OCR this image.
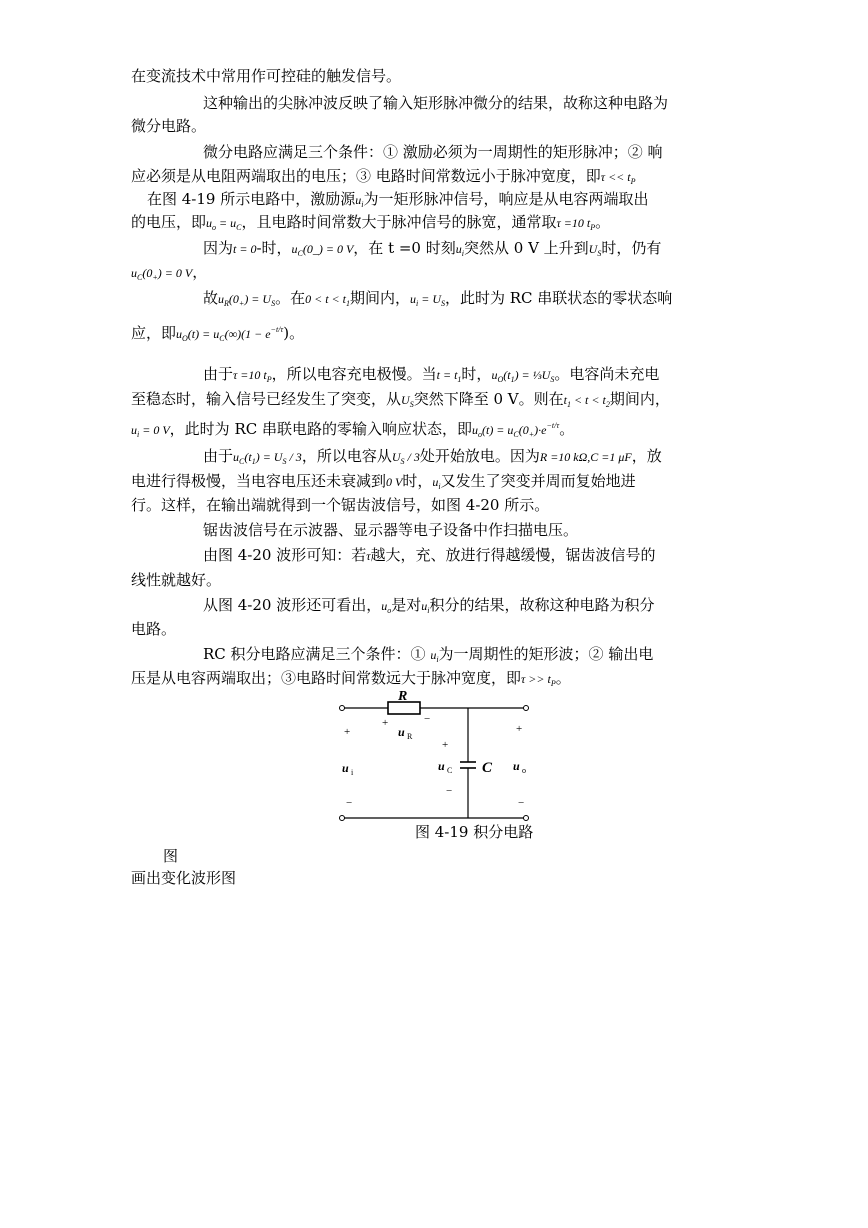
在变流技术中常用作可控硅的触发信号。
这种输出的尖脉冲波反映了输入矩形脉冲微分的结果，故称这种电路为
微分电路。
微分电路应满足三个条件：① 激励必须为一周期性的矩形脉冲；② 响
应必须是从电阻两端取出的电压；③ 电路时间常数远小于脉冲宽度，即$\tau << t_P$
在图 4-19 所示电路中，激励源$u_i$为一矩形脉冲信号，响应是从电容两端取出
的电压，即$u_o = u_C$，且电路时间常数大于脉冲信号的脉宽，通常取τ =10 $t_P$。
因为t = 0-时，$u_C(0\_) = 0$ V，在 t =0 时刻$u_i$突然从 0 V 上升到$U_S$时，仍有
$u_C(0_+) = 0$ V，
故$u_R(0_+) = U_S$。在$0 < t < t_1$期间内，$u_i = U_S$，此时为 RC 串联状态的零状态响
应，即$u_O(t) = u_C(\infty)(1 - e^{-t/\tau})$。
由于τ =10 $t_P$，所以电容充电极慢。当$t = t_1$时，$u_O(t_1)$ = $\frac{1}{3}U_S$。电容尚未充电
至稳态时，输入信号已经发生了突变，从$U_S$突然下降至 0 V。则在$t_1 < t < t_2$期间内，
$u_i = 0$ V，此时为 RC 串联电路的零输入响应状态，即$u_o(t) = u_C(0_+)\cdot e^{-t/\tau}$。
由于$u_C(t_1) = U_S / 3$，所以电容从$U_S / 3$处开始放电。因为R =10 kΩ,C =1 μF，放
电进行得极慢，当电容电压还未衰减到0 V时，$u_i$又发生了突变并周而复始地进
行。这样，在输出端就得到一个锯齿波信号，如图 4-20 所示。
锯齿波信号在示波器、显示器等电子设备中作扫描电压。
由图 4-20 波形可知：若τ越大，充、放进行得越缓慢，锯齿波信号的
线性就越好。
从图 4-20 波形还可看出，$u_o$是对$u_i$积分的结果，故称这种电路为积分
电路。
RC 积分电路应满足三个条件：① $u_i$为一周期性的矩形波；② 输出电
压是从电容两端取出；③电路时间常数远大于脉冲宽度，即$\tau >> t_P$。
R
C
+	−
u R
+
u C
−
+
u i
−
+
u o
−
图 4-19 积分电路
图
画出变化波形图
